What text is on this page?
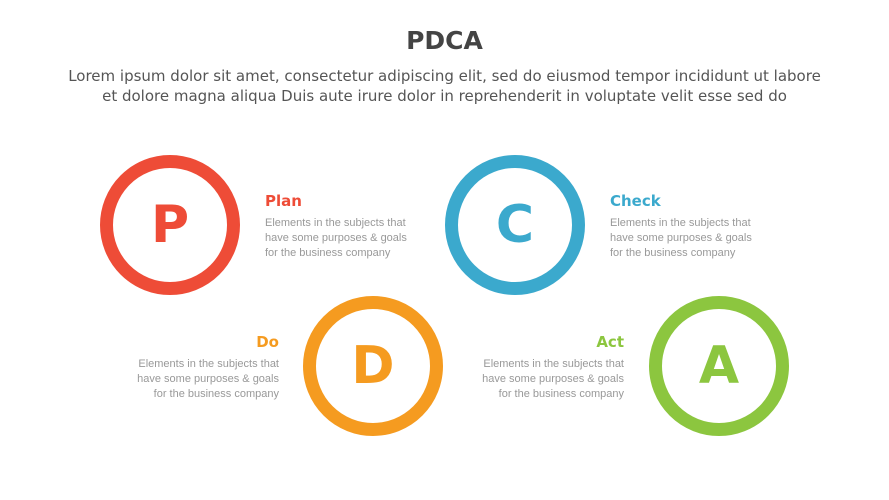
PDCA
Lorem ipsum dolor sit amet, consectetur adipiscing elit, sed do eiusmod tempor incididunt ut labore
et dolore magna aliqua Duis aute irure dolor in reprehenderit in voluptate velit esse sed do
P	Plan

Elements in the subjects that
have some purposes & goals
for the business company	C	Check

Elements in the subjects that
have some purposes & goals
for the business company

D
Do

Elements in the subjects that
have some purposes & goals
for the business company	A
Act

Elements in the subjects that
have some purposes & goals
for the business company
